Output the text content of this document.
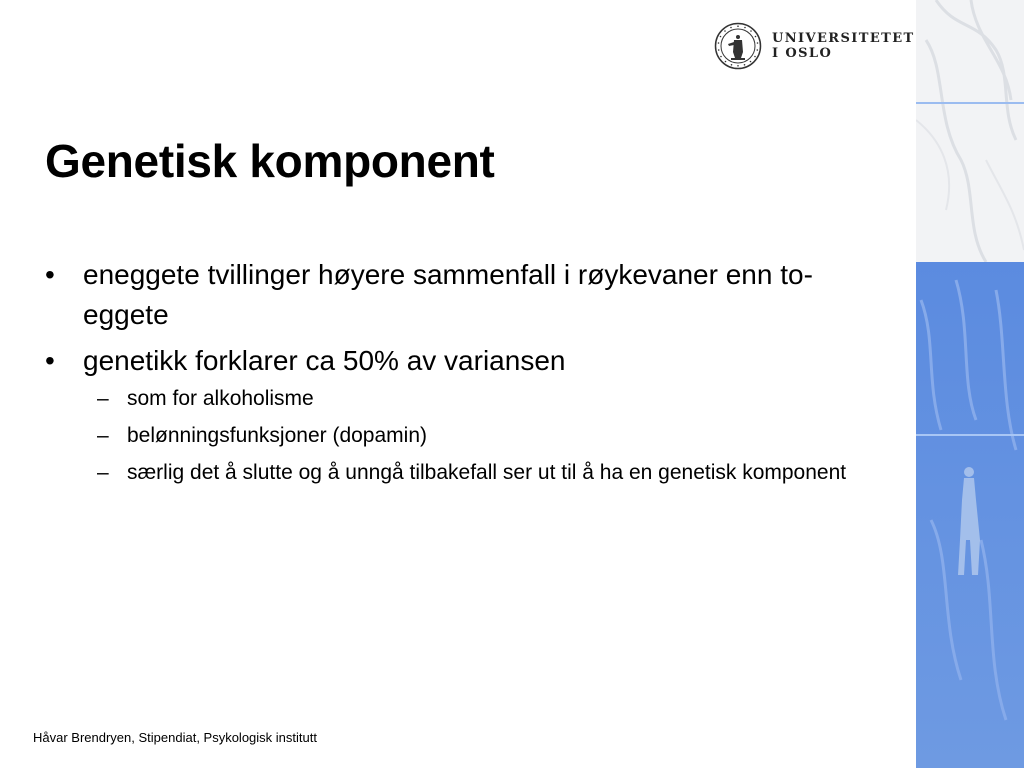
UNIVERSITETET
I OSLO
Genetisk komponent
•	eneggete tvillinger høyere sammenfall i røykevaner enn to-eggete
•	genetikk forklarer ca 50% av variansen
– som for alkoholisme
– belønningsfunksjoner (dopamin)
– særlig det å slutte og å unngå tilbakefall ser ut til å ha en genetisk komponent
Håvar Brendryen, Stipendiat, Psykologisk institutt
